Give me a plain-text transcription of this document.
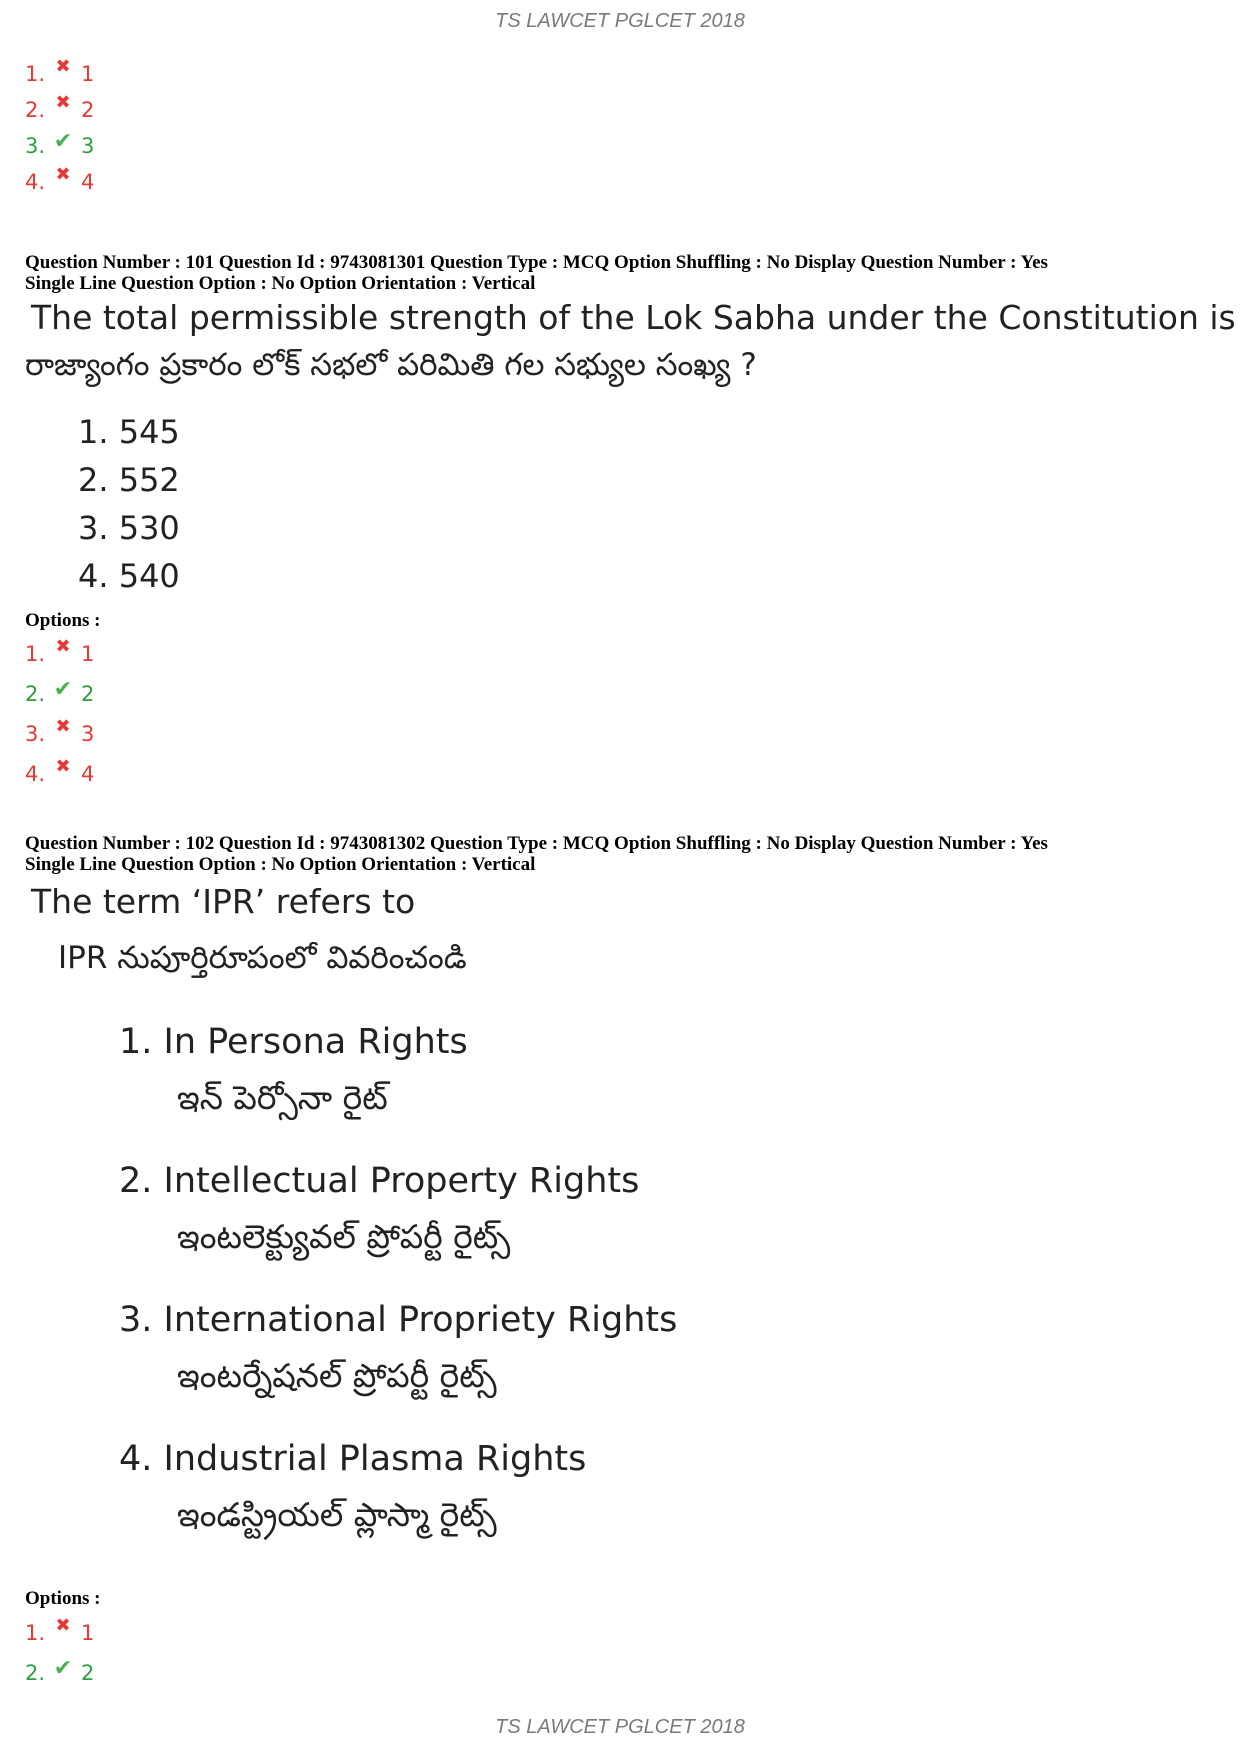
TS LAWCET PGLCET 2018
1. ✖ 1
2. ✖ 2
3. ✔ 3
4. ✖ 4
Question Number : 101 Question Id : 9743081301 Question Type : MCQ Option Shuffling : No Display Question Number : Yes
Single Line Question Option : No Option Orientation : Vertical
The total permissible strength of the Lok Sabha under the Constitution is
రాజ్యాంగం ప్రకారం లోక్ సభలో పరిమితి గల సభ్యుల సంఖ్య ?
1. 545
2. 552
3. 530
4. 540
Options :
1. ✖ 1
2. ✔ 2
3. ✖ 3
4. ✖ 4
Question Number : 102 Question Id : 9743081302 Question Type : MCQ Option Shuffling : No Display Question Number : Yes
Single Line Question Option : No Option Orientation : Vertical
The term ‘IPR’ refers to
IPR నుపూర్తిరూపంలో వివరించండి
1. In Persona Rights
ఇన్ పెర్సోనా రైట్
2. Intellectual Property Rights
ఇంటలెక్ట్యువల్ ప్రోపర్టీ రైట్స్
3. International Propriety Rights
ఇంటర్నేషనల్ ప్రోపర్టీ రైట్స్
4. Industrial Plasma Rights
ఇండస్ట్రియల్ ప్లాస్మా రైట్స్
Options :
1. ✖ 1
2. ✔ 2
TS LAWCET PGLCET 2018
